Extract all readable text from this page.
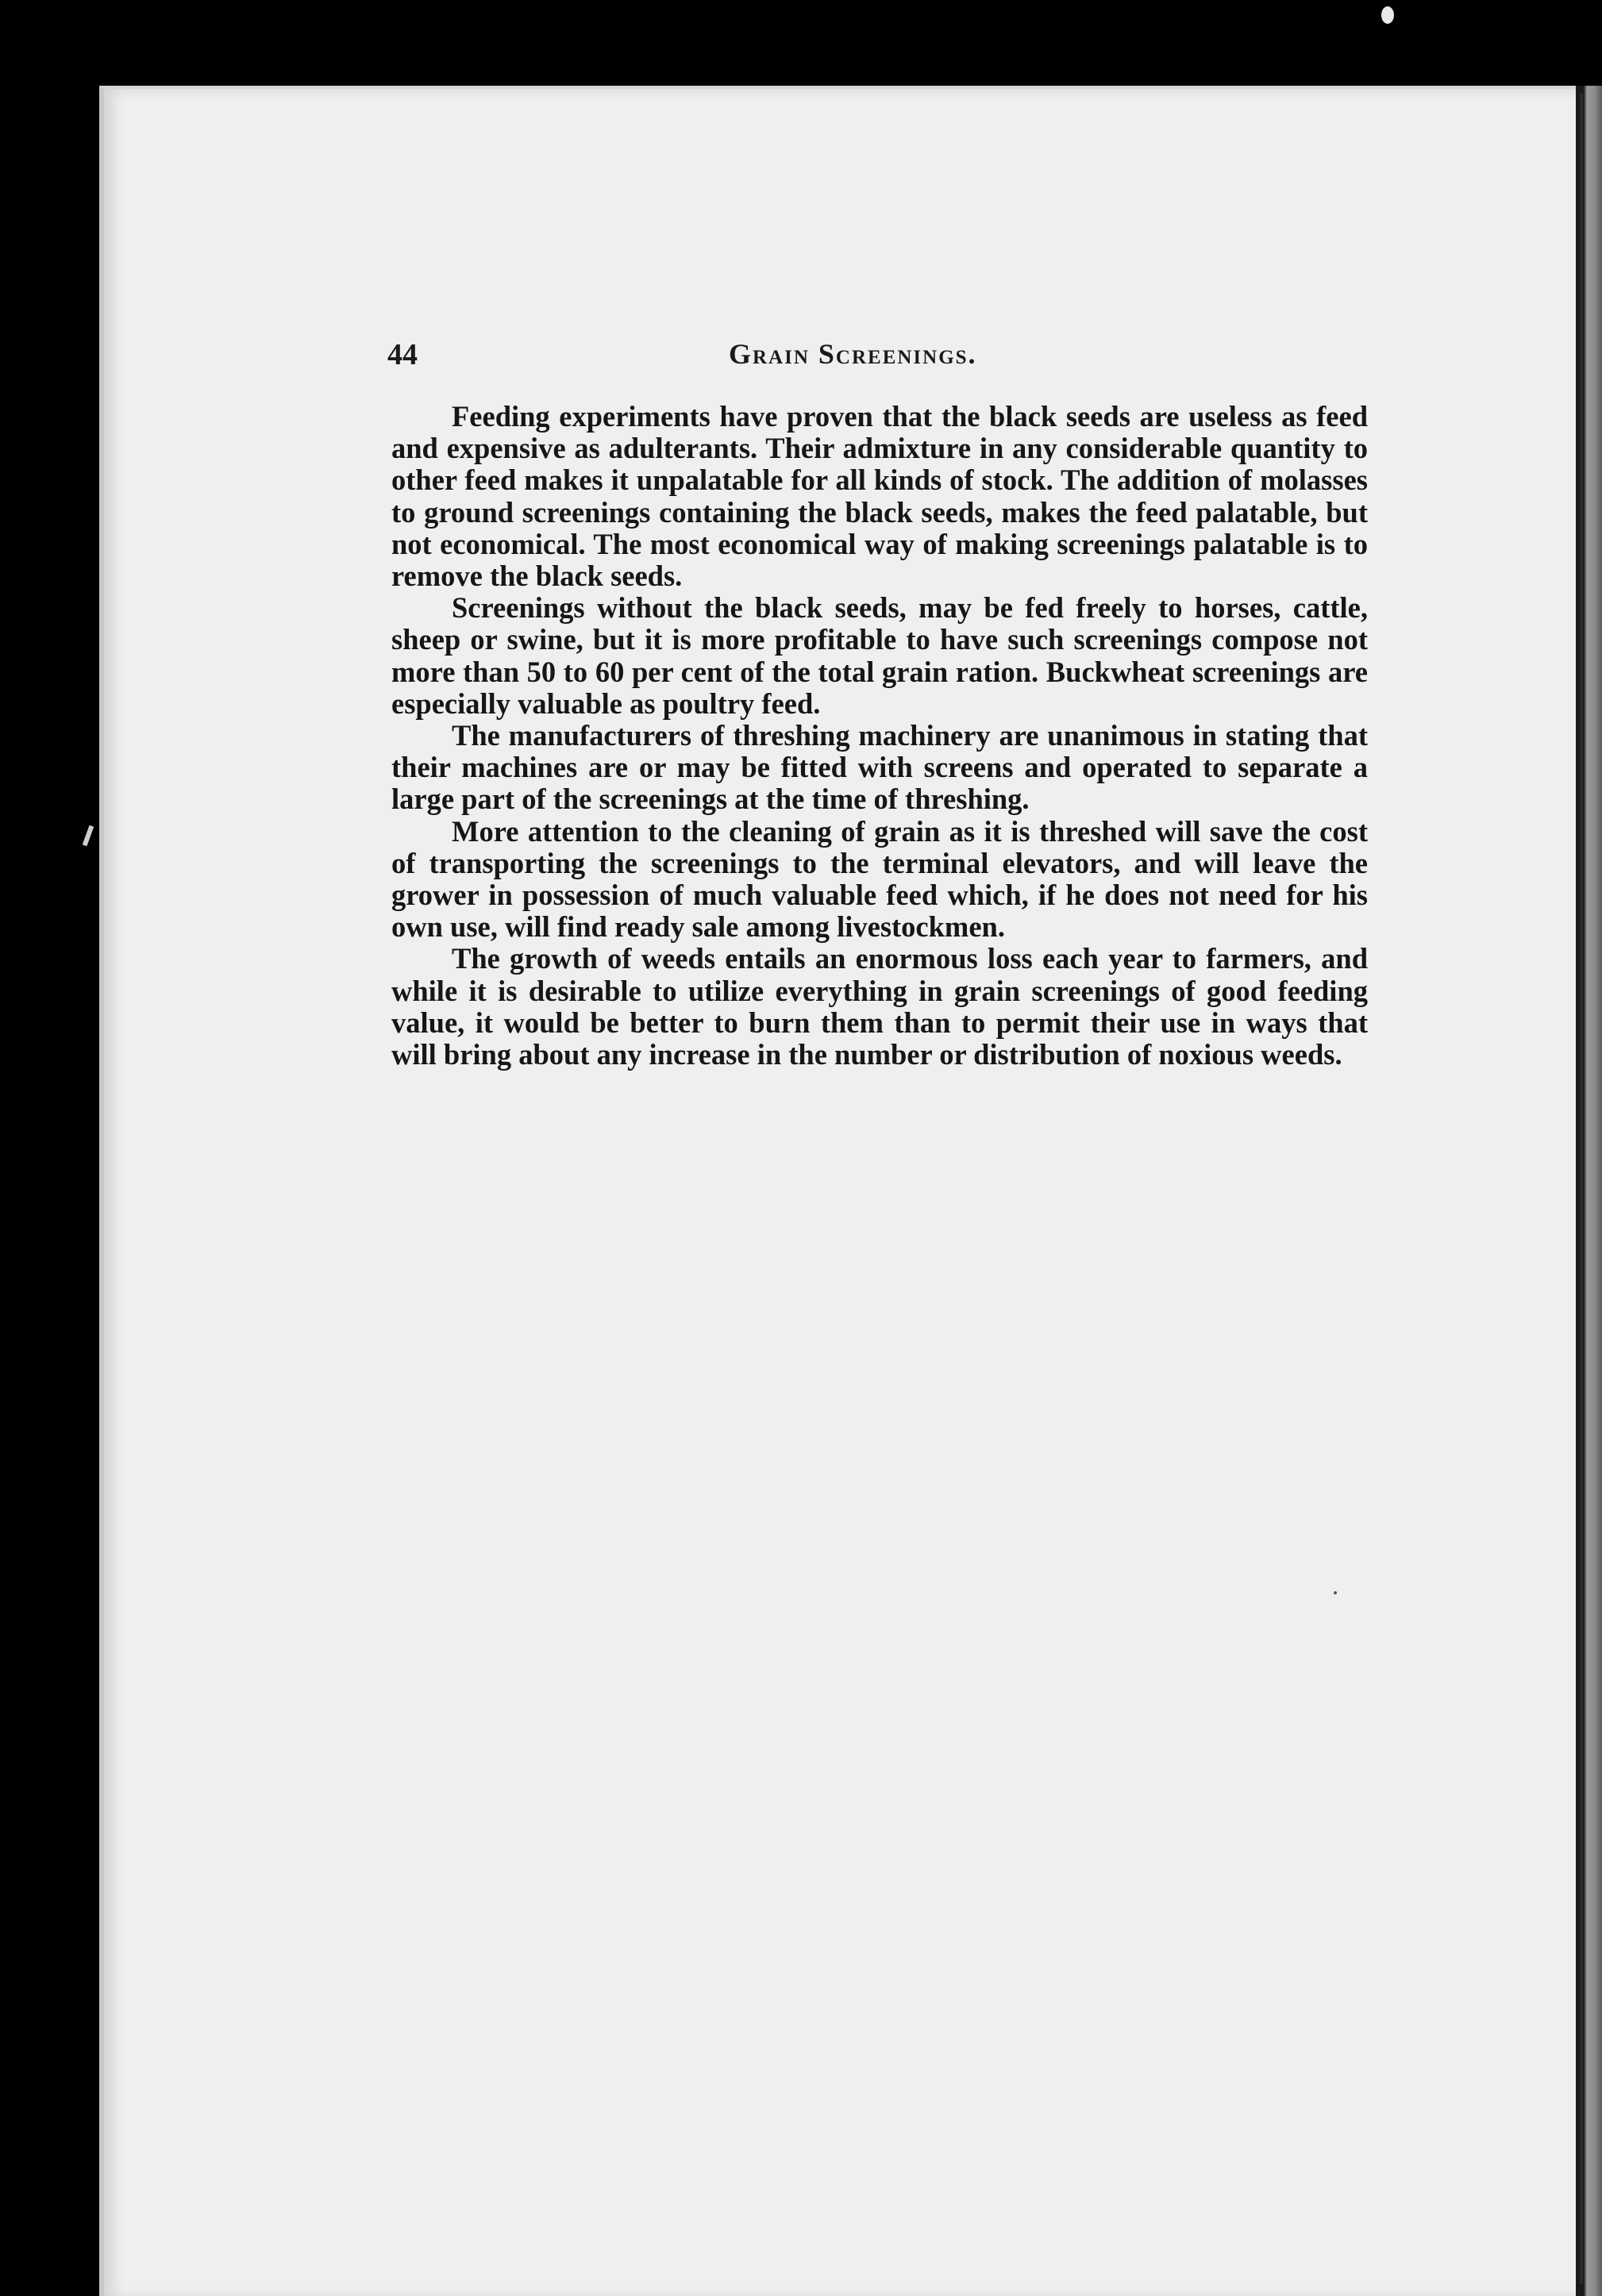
44	Grain Screenings.

Feeding experiments have proven that the black seeds are useless as feed and expensive as adulterants. Their admixture in any considerable quantity to other feed makes it unpalatable for all kinds of stock. The addition of molasses to ground screenings containing the black seeds, makes the feed palatable, but not economical. The most economical way of making screenings palatable is to remove the black seeds.

Screenings without the black seeds, may be fed freely to horses, cattle, sheep or swine, but it is more profitable to have such screenings compose not more than 50 to 60 per cent of the total grain ration. Buckwheat screenings are especially valuable as poultry feed.

The manufacturers of threshing machinery are unanimous in stating that their machines are or may be fitted with screens and operated to separate a large part of the screenings at the time of threshing.

More attention to the cleaning of grain as it is threshed will save the cost of transporting the screenings to the terminal elevators, and will leave the grower in possession of much valuable feed which, if he does not need for his own use, will find ready sale among livestockmen.

The growth of weeds entails an enormous loss each year to farmers, and while it is desirable to utilize everything in grain screenings of good feeding value, it would be better to burn them than to permit their use in ways that will bring about any increase in the number or distribution of noxious weeds.
